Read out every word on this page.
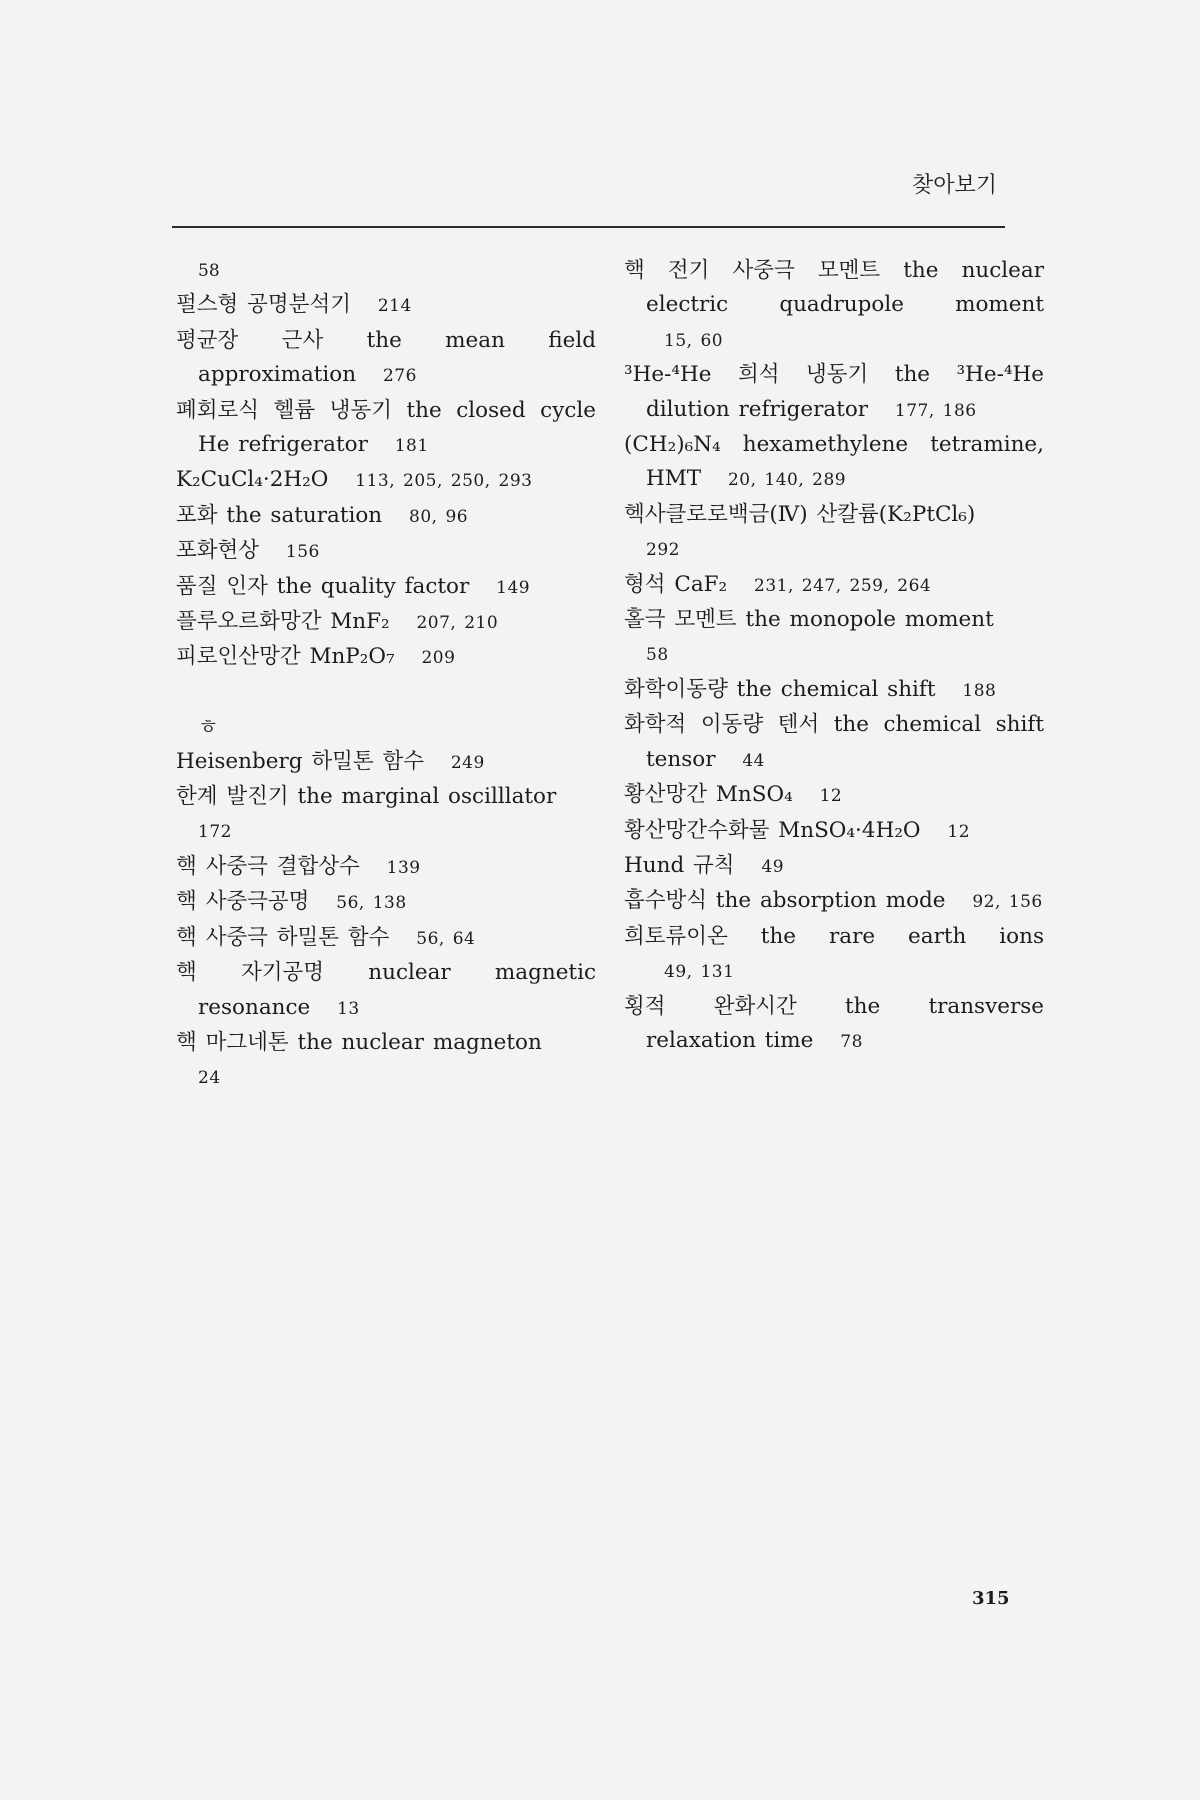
찾아보기
58
펄스형 공명분석기 214
평균장 근사 the mean field approximation 276
폐회로식 헬륨 냉동기 the closed cycle He refrigerator 181
K₂CuCl₄·2H₂O 113, 205, 250, 293
포화 the saturation 80, 96
포화현상 156
품질 인자 the quality factor 149
플루오르화망간 MnF₂ 207, 210
피로인산망간 MnP₂O₇ 209
ㅎ
Heisenberg 하밀톤 함수 249
한계 발진기 the marginal oscilllator
172
핵 사중극 결합상수 139
핵 사중극공명 56, 138
핵 사중극 하밀톤 함수 56, 64
핵 자기공명 nuclear magnetic resonance 13
핵 마그네톤 the nuclear magneton
24
핵 전기 사중극 모멘트 the nuclear electric quadrupole moment 15, 60
³He-⁴He 희석 냉동기 the ³He-⁴He dilution refrigerator 177, 186
(CH₂)₆N₄ hexamethylene tetramine, HMT 20, 140, 289
헥사클로로백금(Ⅳ) 산칼륨(K₂PtCl₆)
292
형석 CaF₂ 231, 247, 259, 264
홀극 모멘트 the monopole moment
58
화학이동량 the chemical shift 188
화학적 이동량 텐서 the chemical shift tensor 44
황산망간 MnSO₄ 12
황산망간수화물 MnSO₄·4H₂O 12
Hund 규칙 49
흡수방식 the absorption mode 92, 156
희토류이온 the rare earth ions 49, 131
횡적 완화시간 the transverse relaxation time 78
315
